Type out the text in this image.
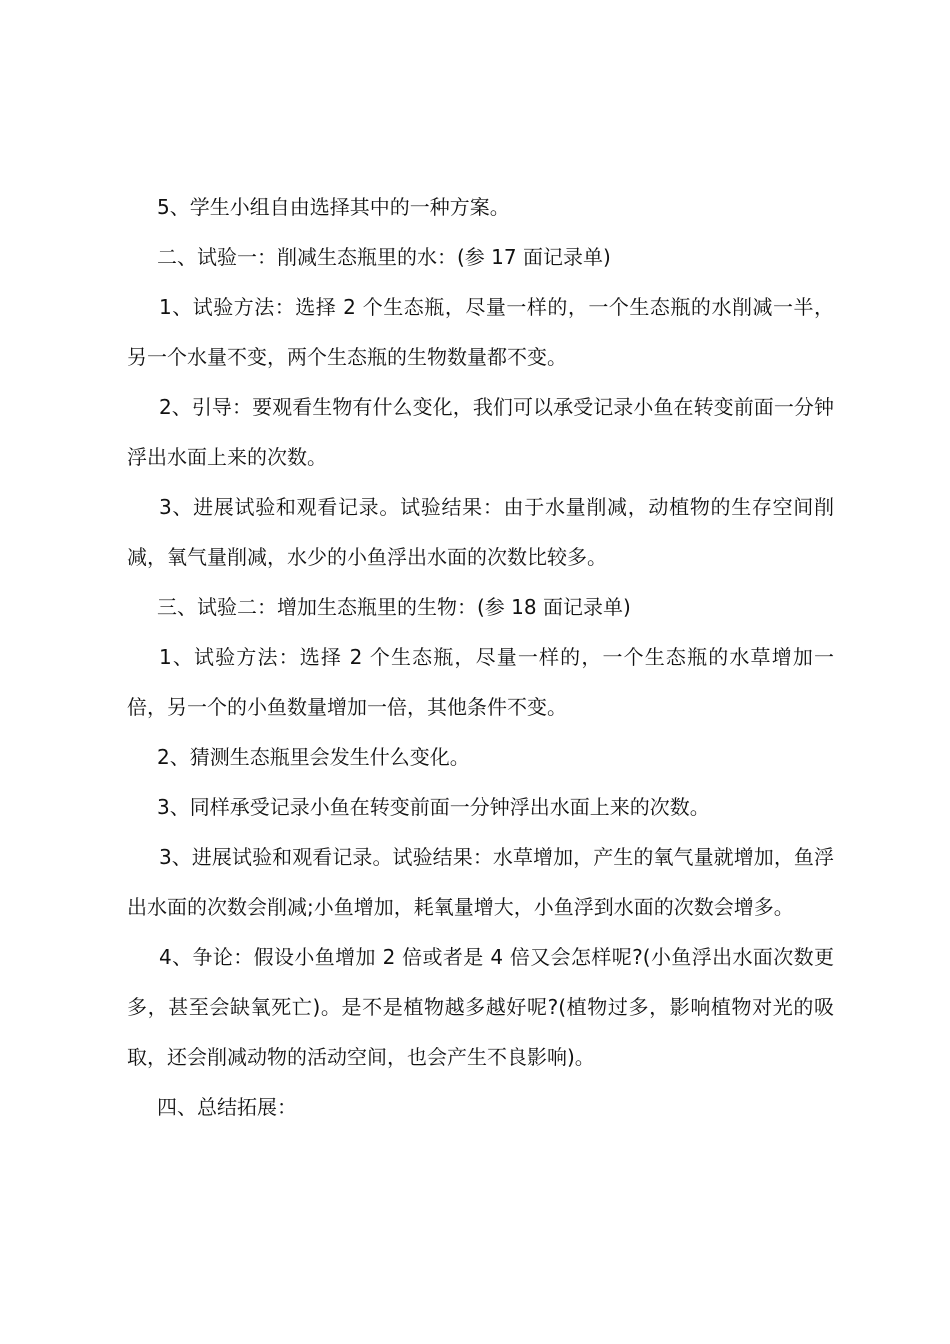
5、学生小组自由选择其中的一种方案。

二、试验一：削减生态瓶里的水：(参 17 面记录单)

1、试验方法：选择 2 个生态瓶，尽量一样的，一个生态瓶的水削减一半，另一个水量不变，两个生态瓶的生物数量都不变。

2、引导：要观看生物有什么变化，我们可以承受记录小鱼在转变前面一分钟浮出水面上来的次数。

3、进展试验和观看记录。试验结果：由于水量削减，动植物的生存空间削减，氧气量削减，水少的小鱼浮出水面的次数比较多。

三、试验二：增加生态瓶里的生物：(参 18 面记录单)

1、试验方法：选择 2 个生态瓶，尽量一样的，一个生态瓶的水草增加一倍，另一个的小鱼数量增加一倍，其他条件不变。

2、猜测生态瓶里会发生什么变化。

3、同样承受记录小鱼在转变前面一分钟浮出水面上来的次数。

3、进展试验和观看记录。试验结果：水草增加，产生的氧气量就增加，鱼浮出水面的次数会削减;小鱼增加，耗氧量增大，小鱼浮到水面的次数会增多。

4、争论：假设小鱼增加 2 倍或者是 4 倍又会怎样呢?(小鱼浮出水面次数更多，甚至会缺氧死亡)。是不是植物越多越好呢?(植物过多，影响植物对光的吸取，还会削减动物的活动空间，也会产生不良影响)。

四、总结拓展：
